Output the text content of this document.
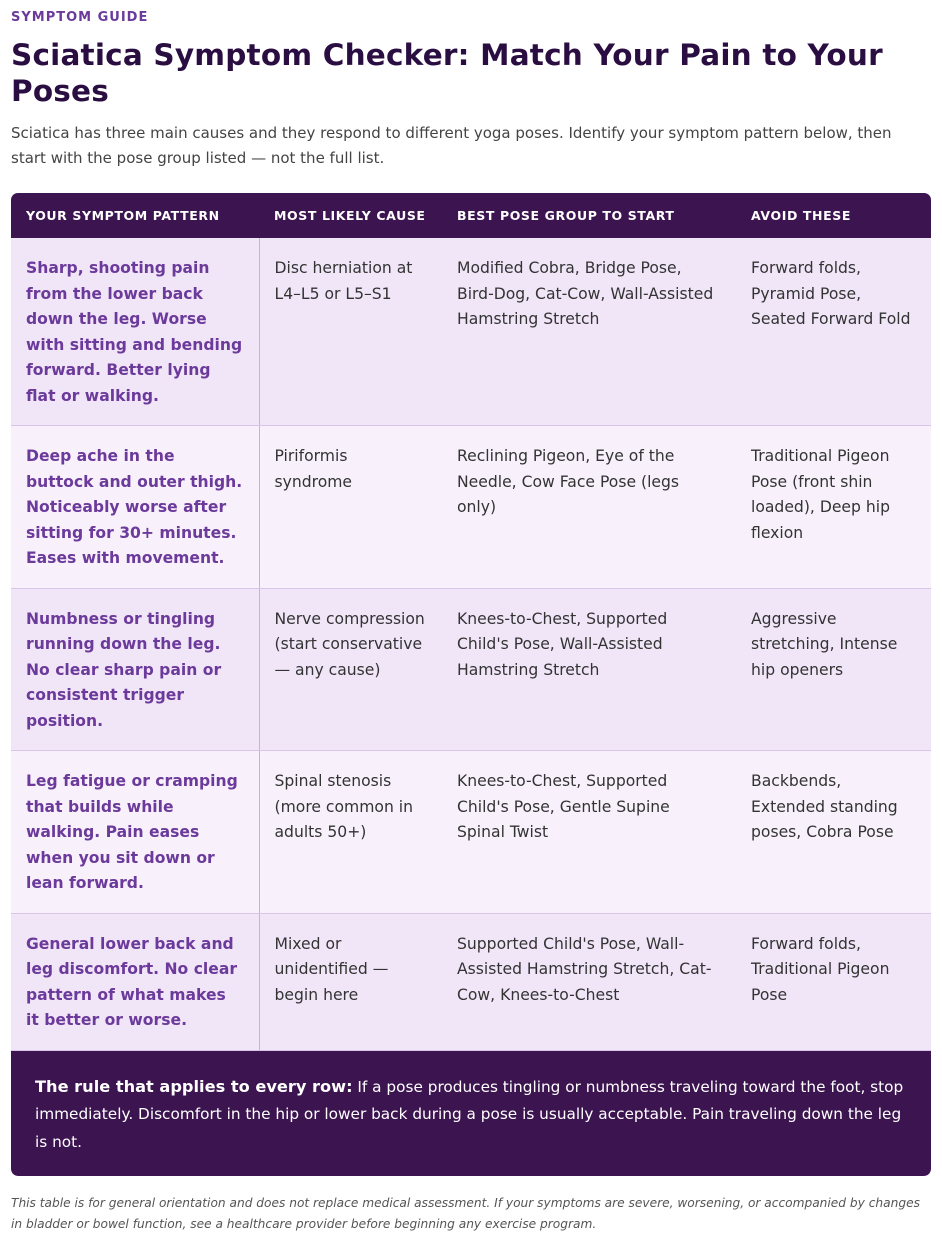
SYMPTOM GUIDE
Sciatica Symptom Checker: Match Your Pain to Your Poses

Sciatica has three main causes and they respond to different yoga poses. Identify your symptom pattern below, then start with the pose group listed — not the full list.

YOUR SYMPTOM PATTERN	MOST LIKELY CAUSE	BEST POSE GROUP TO START	AVOID THESE
Sharp, shooting pain from the lower back down the leg. Worse with sitting and bending forward. Better lying flat or walking.	Disc herniation at L4–L5 or L5–S1	Modified Cobra, Bridge Pose, Bird-Dog, Cat-Cow, Wall-Assisted Hamstring Stretch	Forward folds, Pyramid Pose, Seated Forward Fold
Deep ache in the buttock and outer thigh. Noticeably worse after sitting for 30+ minutes. Eases with movement.	Piriformis syndrome	Reclining Pigeon, Eye of the Needle, Cow Face Pose (legs only)	Traditional Pigeon Pose (front shin loaded), Deep hip flexion
Numbness or tingling running down the leg. No clear sharp pain or consistent trigger position.	Nerve compression (start conservative — any cause)	Knees-to-Chest, Supported Child's Pose, Wall-Assisted Hamstring Stretch	Aggressive stretching, Intense hip openers
Leg fatigue or cramping that builds while walking. Pain eases when you sit down or lean forward.	Spinal stenosis (more common in adults 50+)	Knees-to-Chest, Supported Child's Pose, Gentle Supine Spinal Twist	Backbends, Extended standing poses, Cobra Pose
General lower back and leg discomfort. No clear pattern of what makes it better or worse.	Mixed or unidentified — begin here	Supported Child's Pose, Wall-Assisted Hamstring Stretch, Cat-Cow, Knees-to-Chest	Forward folds, Traditional Pigeon Pose
The rule that applies to every row: If a pose produces tingling or numbness traveling toward the foot, stop immediately. Discomfort in the hip or lower back during a pose is usually acceptable. Pain traveling down the leg is not.

This table is for general orientation and does not replace medical assessment. If your symptoms are severe, worsening, or accompanied by changes in bladder or bowel function, see a healthcare provider before beginning any exercise program.
